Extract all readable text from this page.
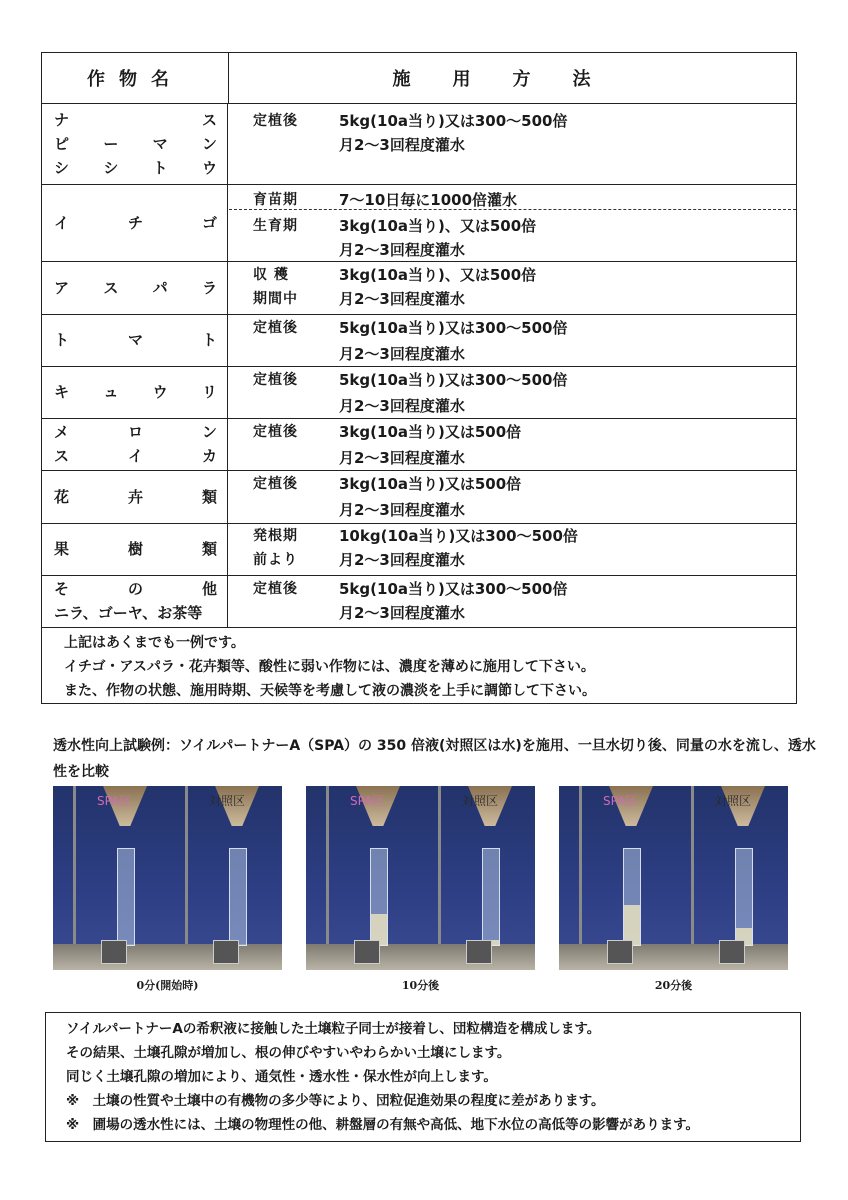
作物名	施用方法
ナ	ス
ピ ー マ ン
シ シ ト ウ
定植後	5kg(10a当り)又は300～500倍
月2～3回程度灌水
イ	チ	ゴ
育苗期	7～10日毎に1000倍灌水
生育期	3kg(10a当り)、又は500倍
月2～3回程度灌水
ア ス パ ラ
収 穫	3kg(10a当り)、又は500倍
期間中	月2～3回程度灌水
ト	マ	ト
定植後	5kg(10a当り)又は300～500倍
月2～3回程度灌水
キ ュ ウ リ
定植後	5kg(10a当り)又は300～500倍
月2～3回程度灌水
メ	ロ	ン
ス	イ	カ
定植後	3kg(10a当り)又は500倍
月2～3回程度灌水
花	卉	類
定植後	3kg(10a当り)又は500倍
月2～3回程度灌水
果	樹	類
発根期	10kg(10a当り)又は300～500倍
前より	月2～3回程度灌水
そ	の	他
ニラ、ゴーヤ、お茶等
定植後	5kg(10a当り)又は300～500倍
月2～3回程度灌水
上記はあくまでも一例です。
イチゴ・アスパラ・花卉類等、酸性に弱い作物には、濃度を薄めに施用して下さい。
また、作物の状態、施用時期、天候等を考慮して液の濃淡を上手に調節して下さい。
透水性向上試験例：ソイルパートナーA（SPA）の 350 倍液(対照区は水)を施用、一旦水切り後、同量の水を流し、透水性を比較
SPA区	対照区
0分(開始時)
SPA区	対照区
10分後
SPA区	対照区
20分後
ソイルパートナーAの希釈液に接触した土壌粒子同士が接着し、団粒構造を構成します。
その結果、土壌孔隙が増加し、根の伸びやすいやわらかい土壌にします。
同じく土壌孔隙の増加により、通気性・透水性・保水性が向上します。
※　土壌の性質や土壌中の有機物の多少等により、団粒促進効果の程度に差があります。
※　圃場の透水性には、土壌の物理性の他、耕盤層の有無や高低、地下水位の高低等の影響があります。
